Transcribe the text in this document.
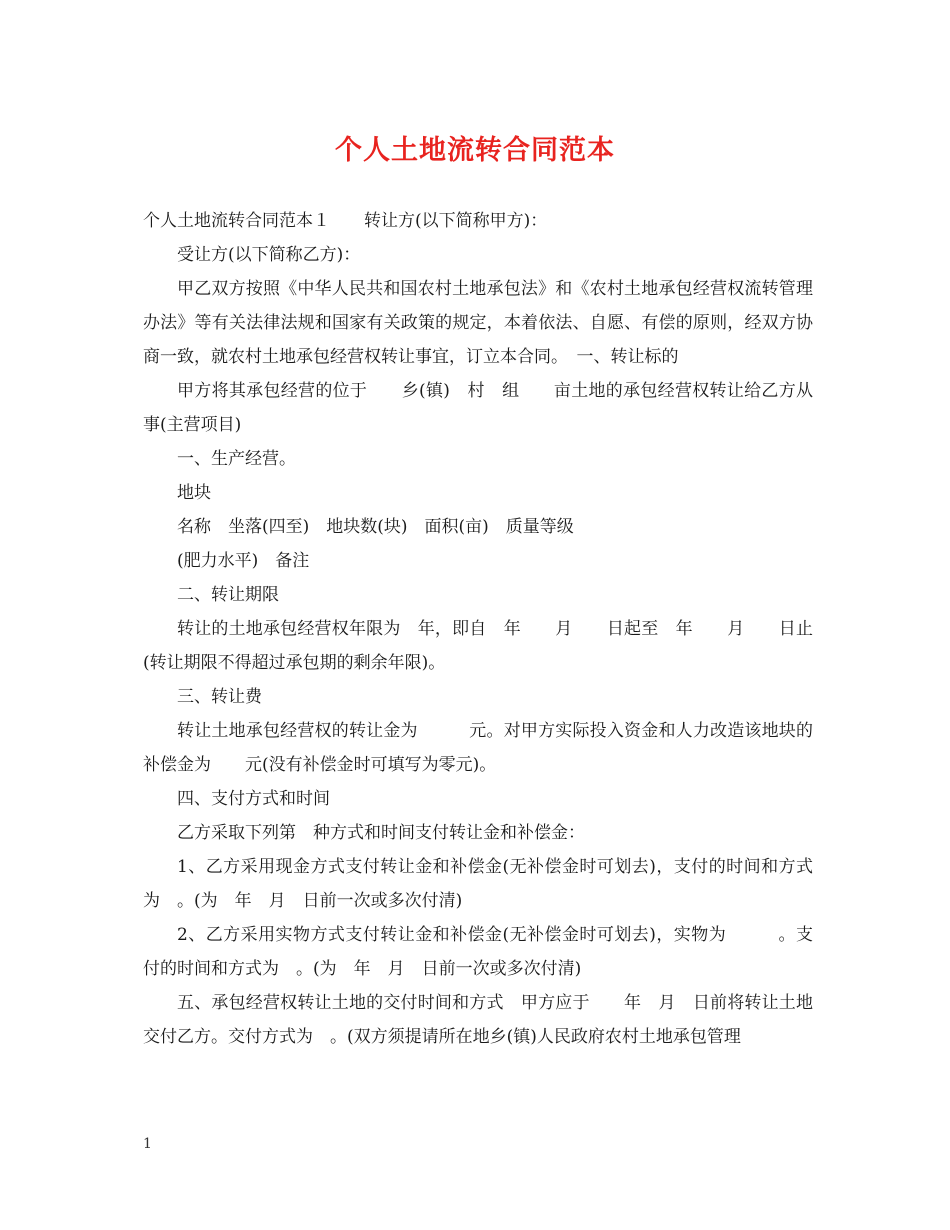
个人土地流转合同范本

个人土地流转合同范本１　　转让方(以下简称甲方)：

受让方(以下简称乙方)：

甲乙双方按照《中华人民共和国农村土地承包法》和《农村土地承包经营权流转管理办法》等有关法律法规和国家有关政策的规定，本着依法、自愿、有偿的原则，经双方协商一致，就农村土地承包经营权转让事宜，订立本合同。　一、转让标的

甲方将其承包经营的位于　　乡(镇)　村　组　　亩土地的承包经营权转让给乙方从事(主营项目)

一、生产经营。

地块

名称　坐落(四至)　地块数(块)　面积(亩)　质量等级

(肥力水平)　备注

二、转让期限

转让的土地承包经营权年限为　年，即自　年　　月　　日起至　年　　月　　日止　(转让期限不得超过承包期的剩余年限)。

三、转让费

转让土地承包经营权的转让金为　　　元。对甲方实际投入资金和人力改造该地块的补偿金为　　元(没有补偿金时可填写为零元)。

四、支付方式和时间

乙方采取下列第　种方式和时间支付转让金和补偿金：

1、乙方采用现金方式支付转让金和补偿金(无补偿金时可划去)，支付的时间和方式为　。(为　年　月　日前一次或多次付清)

2、乙方采用实物方式支付转让金和补偿金(无补偿金时可划去)，实物为　　　。支付的时间和方式为　。(为　年　月　日前一次或多次付清)

五、承包经营权转让土地的交付时间和方式　甲方应于　　年　月　日前将转让土地交付乙方。交付方式为　。(双方须提请所在地乡(镇)人民政府农村土地承包管理

1
